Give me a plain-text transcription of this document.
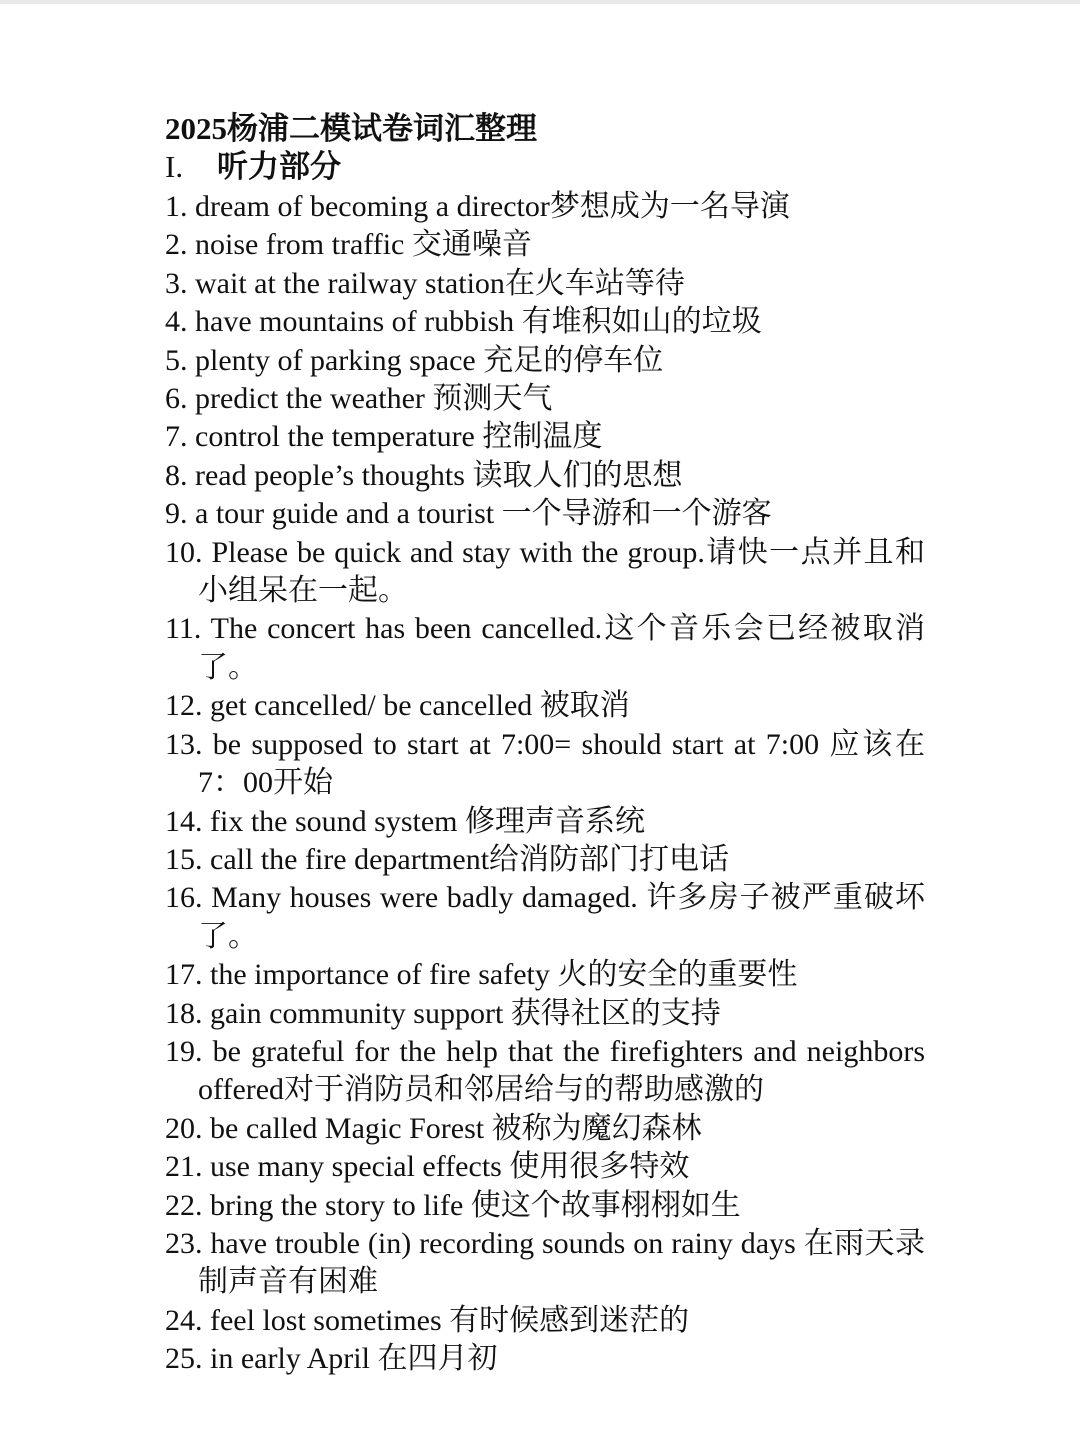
2025杨浦二模试卷词汇整理
I. 听力部分
1. dream of becoming a director梦想成为一名导演
2. noise from traffic 交通噪音
3. wait at the railway station在火车站等待
4. have mountains of rubbish 有堆积如山的垃圾
5. plenty of parking space 充足的停车位
6. predict the weather 预测天气
7. control the temperature 控制温度
8. read people’s thoughts 读取人们的思想
9. a tour guide and a tourist 一个导游和一个游客
10. Please be quick and stay with the group.请快一点并且和小组呆在一起。
11. The concert has been cancelled.这个音乐会已经被取消了。
12. get cancelled/ be cancelled 被取消
13. be supposed to start at 7:00= should start at 7:00 应该在7：00开始
14. fix the sound system 修理声音系统
15. call the fire department给消防部门打电话
16. Many houses were badly damaged. 许多房子被严重破坏了。
17. the importance of fire safety 火的安全的重要性
18. gain community support 获得社区的支持
19. be grateful for the help that the firefighters and neighbors offered对于消防员和邻居给与的帮助感激的
20. be called Magic Forest 被称为魔幻森林
21. use many special effects 使用很多特效
22. bring the story to life 使这个故事栩栩如生
23. have trouble (in) recording sounds on rainy days 在雨天录制声音有困难
24. feel lost sometimes 有时候感到迷茫的
25. in early April 在四月初
